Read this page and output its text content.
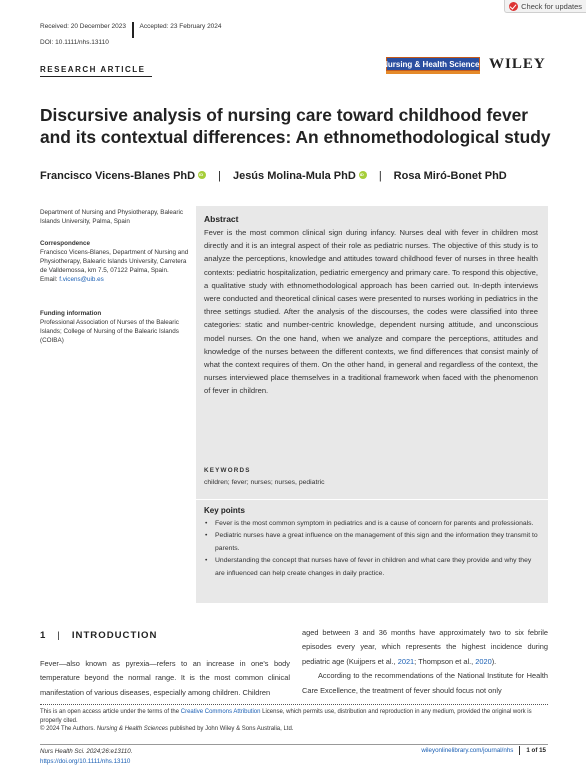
Check for updates
Received: 20 December 2023 Accepted: 23 February 2024
DOI: 10.1111/nhs.13110
RESEARCH ARTICLE
Nursing & Health Sciences WILEY
Discursive analysis of nursing care toward childhood fever and its contextual differences: An ethnomethodological study
Francisco Vicens-Blanes PhD iD | Jesús Molina-Mula PhD iD | Rosa Miró-Bonet PhD
Department of Nursing and Physiotherapy, Balearic Islands University, Palma, Spain
Correspondence
Francisco Vicens-Blanes, Department of Nursing and Physiotherapy, Balearic Islands University, Carretera de Valldemossa, km 7.5, 07122 Palma, Spain.
Email: f.vicens@uib.es
Funding information
Professional Association of Nurses of the Balearic Islands; College of Nursing of the Balearic Islands (COIBA)
Abstract

Fever is the most common clinical sign during infancy. Nurses deal with fever in children most directly and it is an integral aspect of their role as pediatric nurses. The objective of this study is to analyze the perceptions, knowledge and attitudes toward childhood fever of nurses in three health contexts: pediatric hospitalization, pediatric emergency and primary care. To respond this objective, a qualitative study with ethnomethodological approach has been carried out. In-depth interviews were conducted and theoretical clinical cases were presented to nurses working in pediatrics in the three settings studied. After the analysis of the discourses, the codes were classified into three categories: static and number-centric knowledge, dependent nursing attitude, and unconscious model nurses. On the one hand, when we analyze and compare the perceptions, attitudes and knowledge of the nurses between the different contexts, we find differences that consist mainly of what the context requires of them. On the other hand, in general and regardless of the context, the nurses interviewed place themselves in a traditional framework when faced with the phenomenon of fever in children.

KEYWORDS
children; fever; nurses; nurses, pediatric
Key points
• Fever is the most common symptom in pediatrics and is a cause of concern for parents and professionals.
• Pediatric nurses have a great influence on the management of this sign and the information they transmit to parents.
• Understanding the concept that nurses have of fever in children and what care they provide and why they are influenced can help create changes in daily practice.
1 | INTRODUCTION

Fever—also known as pyrexia—refers to an increase in one's body temperature beyond the normal range. It is the most common clinical manifestation of various diseases, especially among children. Children

aged between 3 and 36 months have approximately two to six febrile episodes every year, which represents the highest incidence during pediatric age (Kuijpers et al., 2021; Thompson et al., 2020).

According to the recommendations of the National Institute for Health Care Excellence, the treatment of fever should focus not only

This is an open access article under the terms of the Creative Commons Attribution License, which permits use, distribution and reproduction in any medium, provided the original work is properly cited.
© 2024 The Authors. Nursing & Health Sciences published by John Wiley & Sons Australia, Ltd.
Nurs Health Sci. 2024;26:e13110.
https://doi.org/10.1111/nhs.13110
wileyonlinelibrary.com/journal/nhs 1 of 15
